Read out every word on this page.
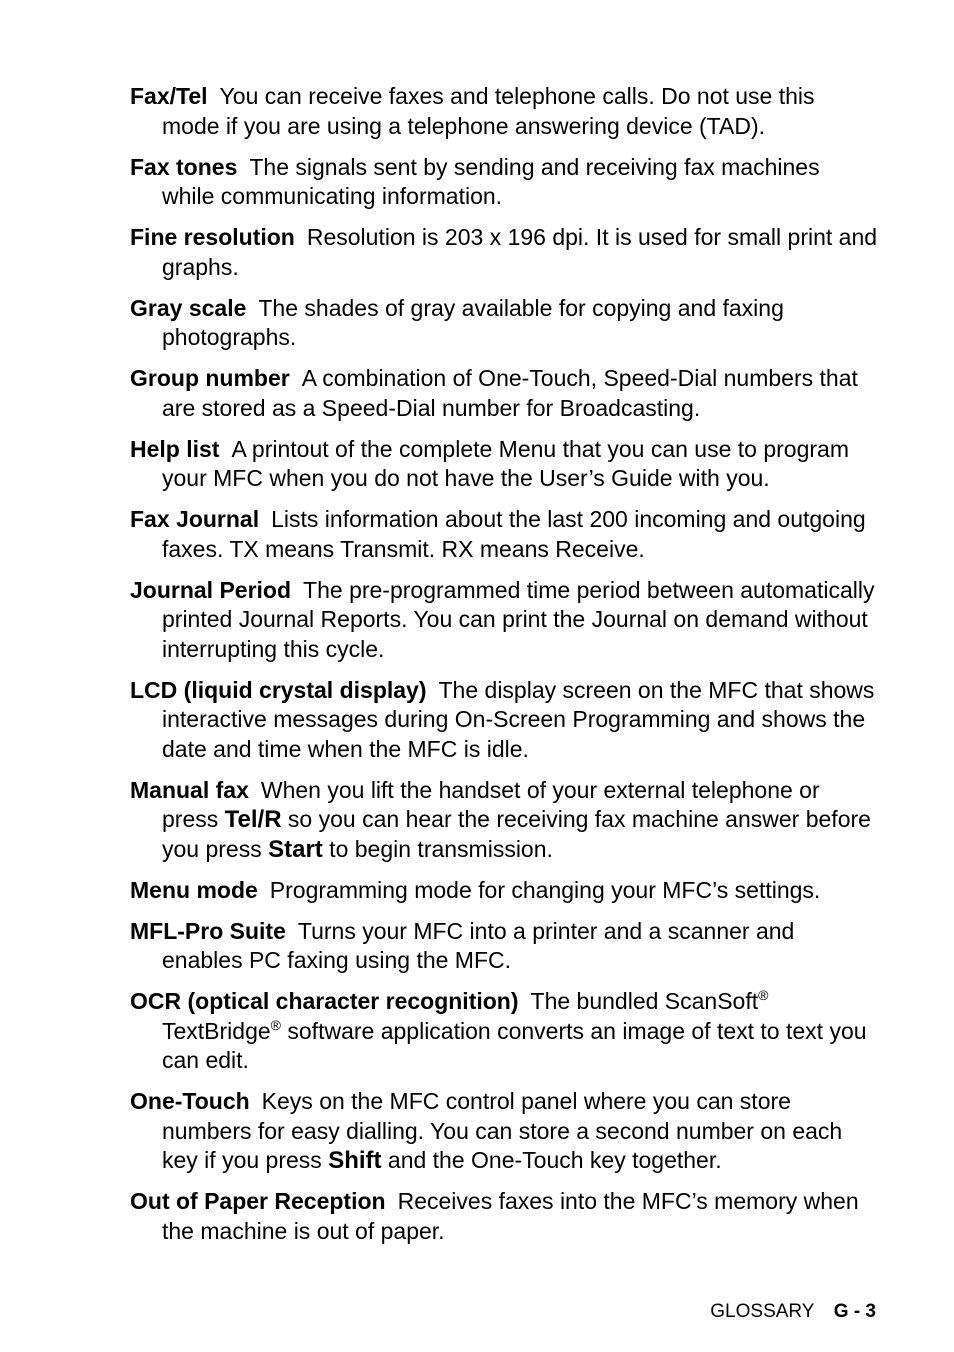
Fax/Tel You can receive faxes and telephone calls. Do not use this mode if you are using a telephone answering device (TAD).

Fax tones The signals sent by sending and receiving fax machines while communicating information.

Fine resolution Resolution is 203 x 196 dpi. It is used for small print and graphs.

Gray scale The shades of gray available for copying and faxing photographs.

Group number A combination of One-Touch, Speed-Dial numbers that are stored as a Speed-Dial number for Broadcasting.

Help list A printout of the complete Menu that you can use to program your MFC when you do not have the User’s Guide with you.

Fax Journal Lists information about the last 200 incoming and outgoing faxes. TX means Transmit. RX means Receive.

Journal Period The pre-programmed time period between automatically printed Journal Reports. You can print the Journal on demand without interrupting this cycle.

LCD (liquid crystal display) The display screen on the MFC that shows interactive messages during On-Screen Programming and shows the date and time when the MFC is idle.

Manual fax When you lift the handset of your external telephone or press Tel/R so you can hear the receiving fax machine answer before you press Start to begin transmission.

Menu mode Programming mode for changing your MFC’s settings.

MFL-Pro Suite Turns your MFC into a printer and a scanner and enables PC faxing using the MFC.

OCR (optical character recognition) The bundled ScanSoft® TextBridge® software application converts an image of text to text you can edit.

One-Touch Keys on the MFC control panel where you can store numbers for easy dialling. You can store a second number on each key if you press Shift and the One-Touch key together.

Out of Paper Reception Receives faxes into the MFC’s memory when the machine is out of paper.

GLOSSARY G - 3
